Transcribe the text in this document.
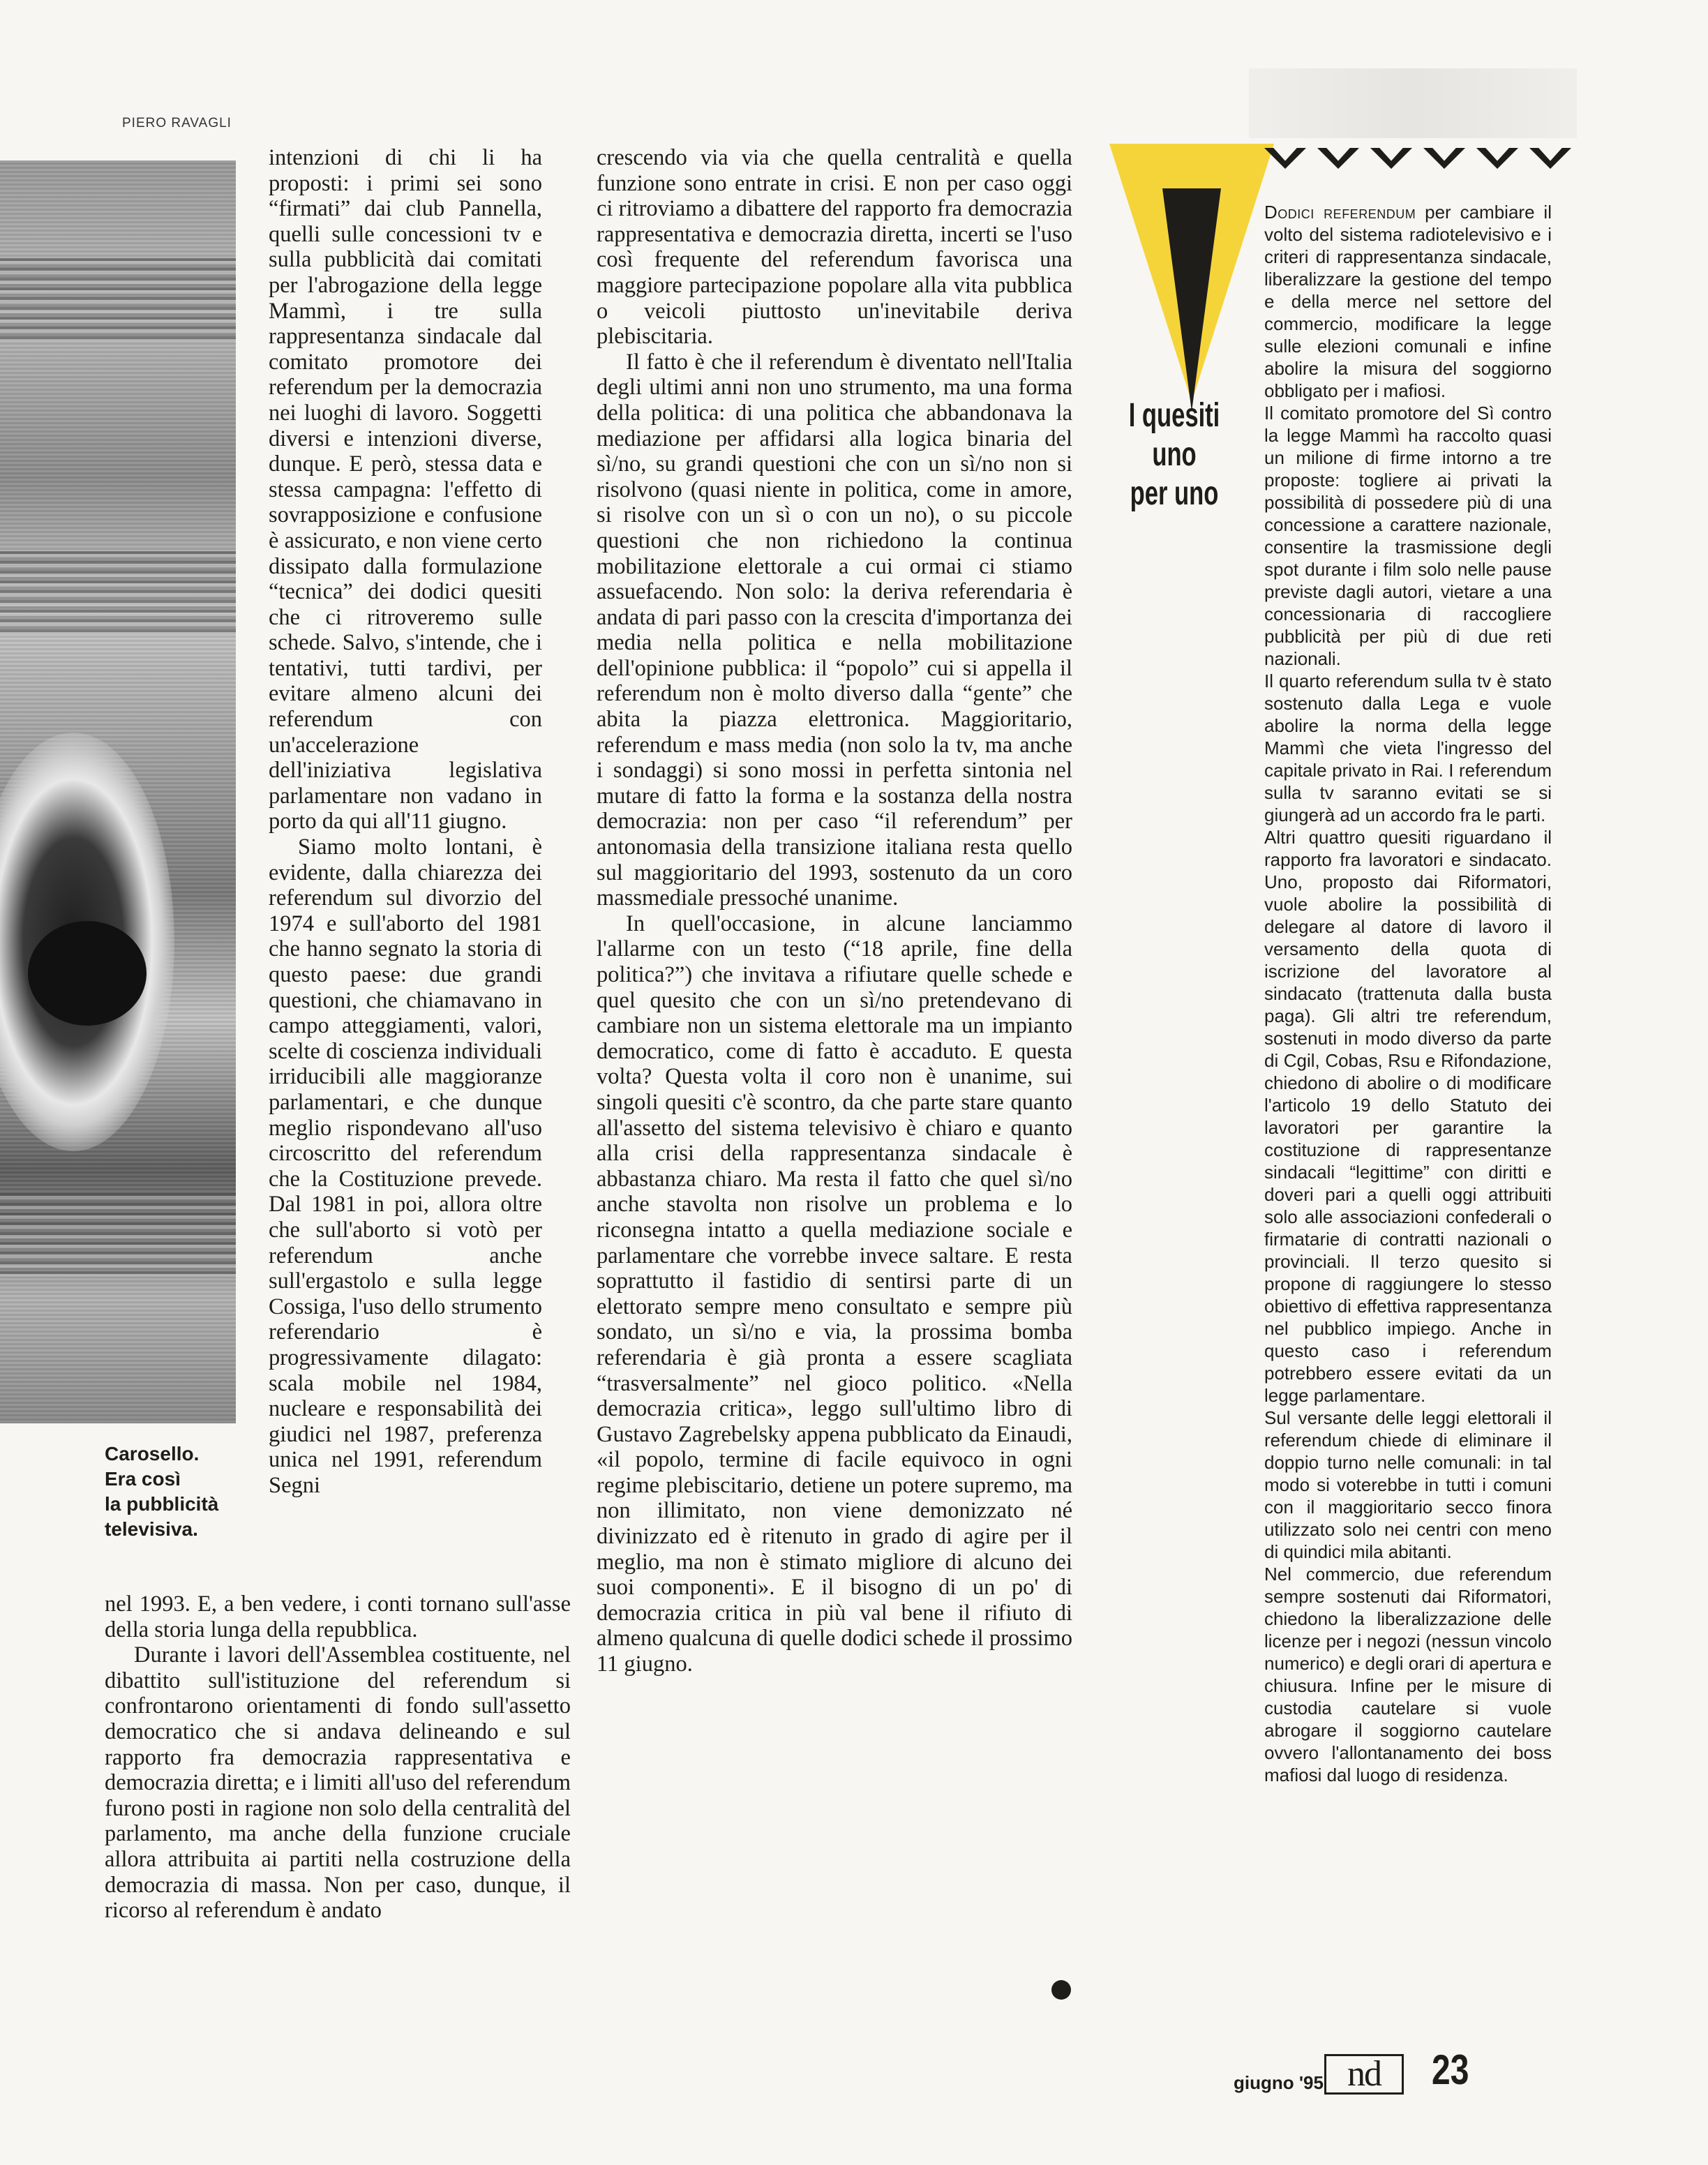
PIERO RAVAGLI
Carosello.
Era così
la pubblicità
televisiva.

intenzioni di chi li ha proposti: i primi sei sono “firmati” dai club Pannella, quelli sulle concessioni tv e sulla pubblicità dai comitati per l'abrogazione della legge Mammì, i tre sulla rappresentanza sindacale dal comitato promotore dei referendum per la democrazia nei luoghi di lavoro. Soggetti diversi e intenzioni diverse, dunque. E però, stessa data e stessa campagna: l'effetto di sovrapposizione e confusione è assicurato, e non viene certo dissipato dalla formulazione “tecnica” dei dodici quesiti che ci ritroveremo sulle schede. Salvo, s'intende, che i tentativi, tutti tardivi, per evitare almeno alcuni dei referendum con un'accelerazione dell'iniziativa legislativa parlamentare non vadano in porto da qui all'11 giugno.

Siamo molto lontani, è evidente, dalla chiarezza dei referendum sul divorzio del 1974 e sull'aborto del 1981 che hanno segnato la storia di questo paese: due grandi questioni, che chiamavano in campo atteggiamenti, valori, scelte di coscienza individuali irriducibili alle maggioranze parlamentari, e che dunque meglio rispondevano all'uso circoscritto del referendum che la Costituzione prevede. Dal 1981 in poi, allora oltre che sull'aborto si votò per referendum anche sull'ergastolo e sulla legge Cossiga, l'uso dello strumento referendario è progressivamente dilagato: scala mobile nel 1984, nucleare e responsabilità dei giudici nel 1987, preferenza unica nel 1991, referendum Segni

nel 1993. E, a ben vedere, i conti tornano sull'asse della storia lunga della repubblica.

Durante i lavori dell'Assemblea costituente, nel dibattito sull'istituzione del referendum si confrontarono orientamenti di fondo sull'assetto democratico che si andava delineando e sul rapporto fra democrazia rappresentativa e democrazia diretta; e i limiti all'uso del referendum furono posti in ragione non solo della centralità del parlamento, ma anche della funzione cruciale allora attribuita ai partiti nella costruzione della democrazia di massa. Non per caso, dunque, il ricorso al referendum è andato

crescendo via via che quella centralità e quella funzione sono entrate in crisi. E non per caso oggi ci ritroviamo a dibattere del rapporto fra democrazia rappresentativa e democrazia diretta, incerti se l'uso così frequente del referendum favorisca una maggiore partecipazione popolare alla vita pubblica o veicoli piuttosto un'inevitabile deriva plebiscitaria.

Il fatto è che il referendum è diventato nell'Italia degli ultimi anni non uno strumento, ma una forma della politica: di una politica che abbandonava la mediazione per affidarsi alla logica binaria del sì/no, su grandi questioni che con un sì/no non si risolvono (quasi niente in politica, come in amore, si risolve con un sì o con un no), o su piccole questioni che non richiedono la continua mobilitazione elettorale a cui ormai ci stiamo assuefacendo. Non solo: la deriva referendaria è andata di pari passo con la crescita d'importanza dei media nella politica e nella mobilitazione dell'opinione pubblica: il “popolo” cui si appella il referendum non è molto diverso dalla “gente” che abita la piazza elettronica. Maggioritario, referendum e mass media (non solo la tv, ma anche i sondaggi) si sono mossi in perfetta sintonia nel mutare di fatto la forma e la sostanza della nostra democrazia: non per caso “il referendum” per antonomasia della transizione italiana resta quello sul maggioritario del 1993, sostenuto da un coro massmediale pressoché unanime.

In quell'occasione, in alcune lanciammo l'allarme con un testo (“18 aprile, fine della politica?”) che invitava a rifiutare quelle schede e quel quesito che con un sì/no pretendevano di cambiare non un sistema elettorale ma un impianto democratico, come di fatto è accaduto. E questa volta? Questa volta il coro non è unanime, sui singoli quesiti c'è scontro, da che parte stare quanto all'assetto del sistema televisivo è chiaro e quanto alla crisi della rappresentanza sindacale è abbastanza chiaro. Ma resta il fatto che quel sì/no anche stavolta non risolve un problema e lo riconsegna intatto a quella mediazione sociale e parlamentare che vorrebbe invece saltare. E resta soprattutto il fastidio di sentirsi parte di un elettorato sempre meno consultato e sempre più sondato, un sì/no e via, la prossima bomba referendaria è già pronta a essere scagliata “trasversalmente” nel gioco politico. «Nella democrazia critica», leggo sull'ultimo libro di Gustavo Zagrebelsky appena pubblicato da Einaudi, «il popolo, termine di facile equivoco in ogni regime plebiscitario, detiene un potere supremo, ma non illimitato, non viene demonizzato né divinizzato ed è ritenuto in grado di agire per il meglio, ma non è stimato migliore di alcuno dei suoi componenti». E il bisogno di un po' di democrazia critica in più val bene il rifiuto di almeno qualcuna di quelle dodici schede il prossimo 11 giugno.

I quesiti
uno
per uno

Dodici referendum per cambiare il volto del sistema radiotelevisivo e i criteri di rappresentanza sindacale, liberalizzare la gestione del tempo e della merce nel settore del commercio, modificare la legge sulle elezioni comunali e infine abolire la misura del soggiorno obbligato per i mafiosi.

Il comitato promotore del Sì contro la legge Mammì ha raccolto quasi un milione di firme intorno a tre proposte: togliere ai privati la possibilità di possedere più di una concessione a carattere nazionale, consentire la trasmissione degli spot durante i film solo nelle pause previste dagli autori, vietare a una concessionaria di raccogliere pubblicità per più di due reti nazionali.

Il quarto referendum sulla tv è stato sostenuto dalla Lega e vuole abolire la norma della legge Mammì che vieta l'ingresso del capitale privato in Rai. I referendum sulla tv saranno evitati se si giungerà ad un accordo fra le parti.

Altri quattro quesiti riguardano il rapporto fra lavoratori e sindacato. Uno, proposto dai Riformatori, vuole abolire la possibilità di delegare al datore di lavoro il versamento della quota di iscrizione del lavoratore al sindacato (trattenuta dalla busta paga). Gli altri tre referendum, sostenuti in modo diverso da parte di Cgil, Cobas, Rsu e Rifondazione, chiedono di abolire o di modificare l'articolo 19 dello Statuto dei lavoratori per garantire la costituzione di rappresentanze sindacali “legittime” con diritti e doveri pari a quelli oggi attribuiti solo alle associazioni confederali o firmatarie di contratti nazionali o provinciali. Il terzo quesito si propone di raggiungere lo stesso obiettivo di effettiva rappresentanza nel pubblico impiego. Anche in questo caso i referendum potrebbero essere evitati da un legge parlamentare.

Sul versante delle leggi elettorali il referendum chiede di eliminare il doppio turno nelle comunali: in tal modo si voterebbe in tutti i comuni con il maggioritario secco finora utilizzato solo nei centri con meno di quindici mila abitanti.

Nel commercio, due referendum sempre sostenuti dai Riformatori, chiedono la liberalizzazione delle licenze per i negozi (nessun vincolo numerico) e degli orari di apertura e chiusura. Infine per le misure di custodia cautelare si vuole abrogare il soggiorno cautelare ovvero l'allontanamento dei boss mafiosi dal luogo di residenza.

giugno '95 nd	23
